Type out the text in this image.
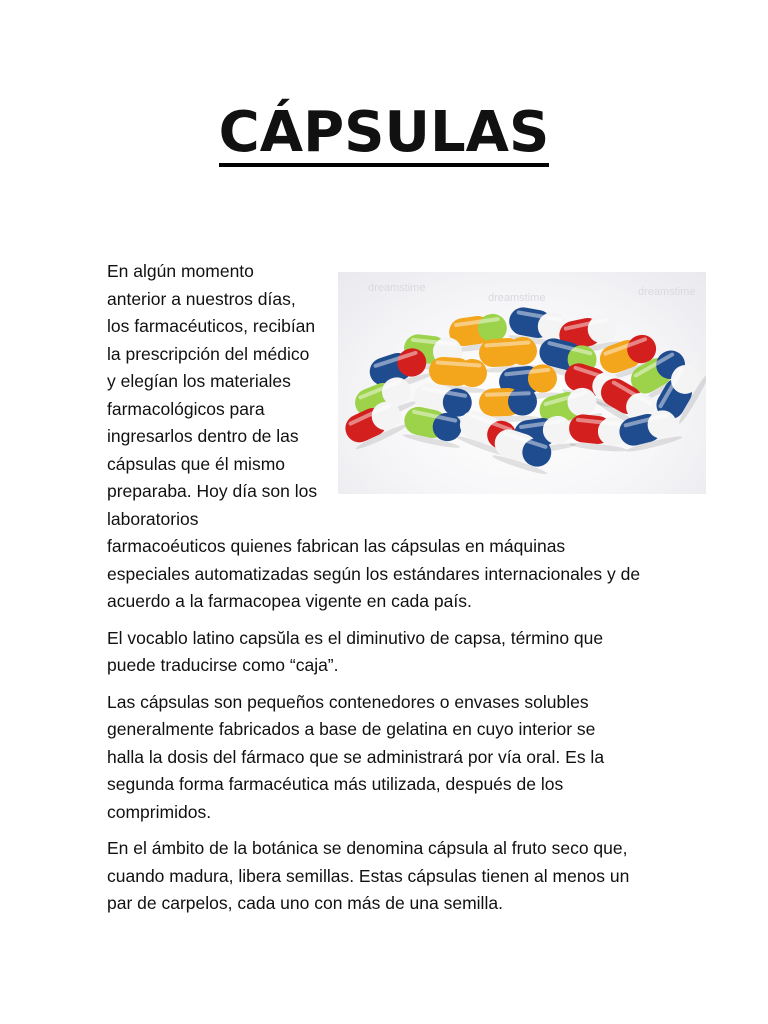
CÁPSULAS
dreamstime
dreamstime	dreamstime
En algún momento
anterior a nuestros días,
los farmacéuticos, recibían
la prescripción del médico
y elegían los materiales
farmacológicos para
ingresarlos dentro de las
cápsulas que él mismo
preparaba. Hoy día son los
laboratorios
farmacoéuticos quienes fabrican las cápsulas en máquinas
especiales automatizadas según los estándares internacionales y de
acuerdo a la farmacopea vigente en cada país.
El vocablo latino capsŭla es el diminutivo de capsa, término que
puede traducirse como “caja”.
Las cápsulas son pequeños contenedores o envases solubles
generalmente fabricados a base de gelatina en cuyo interior se
halla la dosis del fármaco que se administrará por vía oral. Es la
segunda forma farmacéutica más utilizada, después de los
comprimidos.
En el ámbito de la botánica se denomina cápsula al fruto seco que,
cuando madura, libera semillas. Estas cápsulas tienen al menos un
par de carpelos, cada uno con más de una semilla.
